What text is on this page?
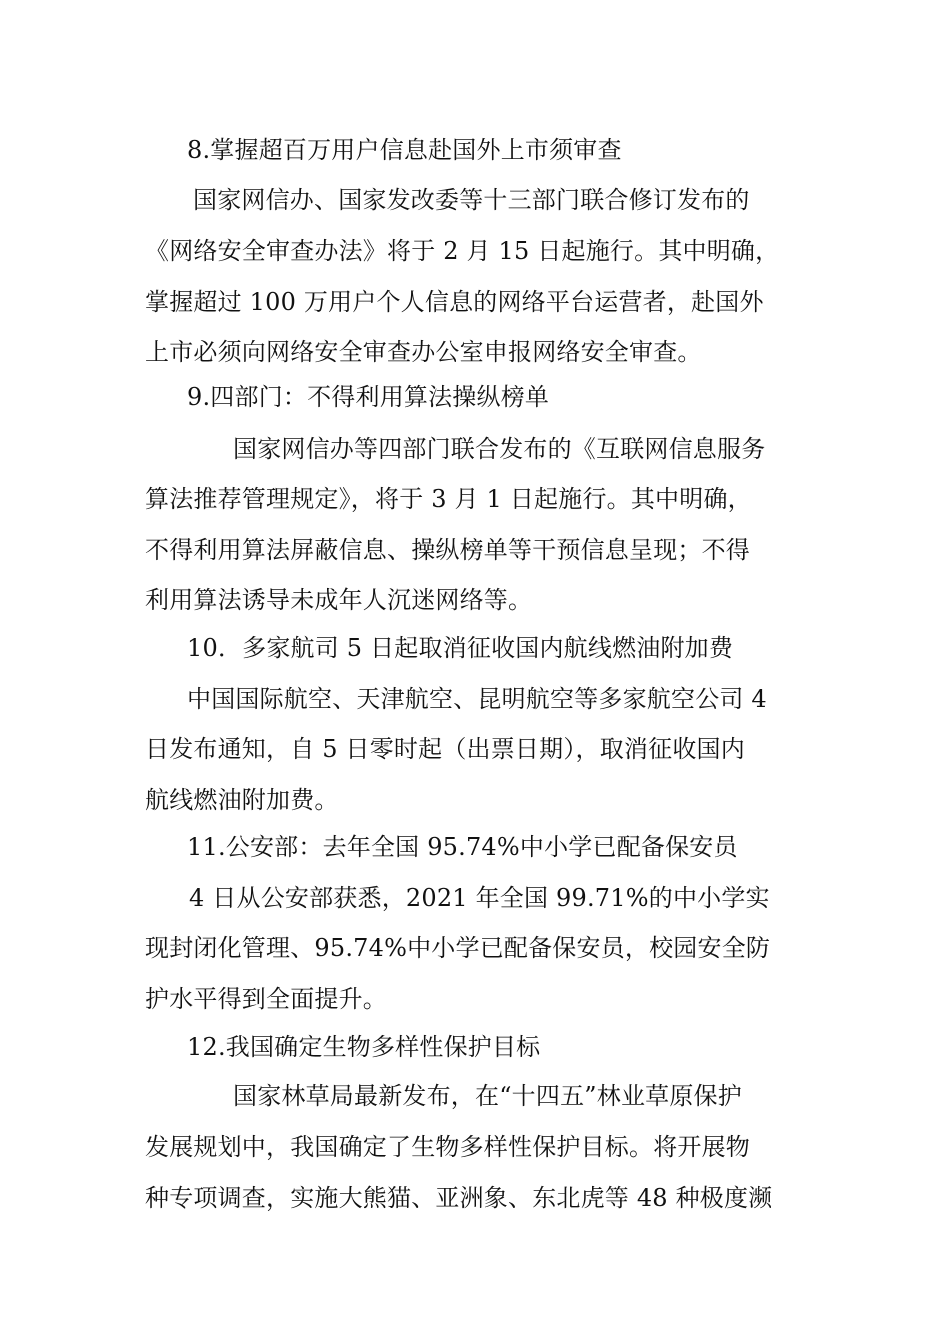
8.掌握超百万用户信息赴国外上市须审查
国家网信办、国家发改委等十三部门联合修订发布的
《网络安全审查办法》将于 2 月 15 日起施行。其中明确，
掌握超过 100 万用户个人信息的网络平台运营者，赴国外
上市必须向网络安全审查办公室申报网络安全审查。
9.四部门：不得利用算法操纵榜单
国家网信办等四部门联合发布的《互联网信息服务
算法推荐管理规定》，将于 3 月 1 日起施行。其中明确，
不得利用算法屏蔽信息、操纵榜单等干预信息呈现；不得
利用算法诱导未成年人沉迷网络等。
10．多家航司 5 日起取消征收国内航线燃油附加费
中国国际航空、天津航空、昆明航空等多家航空公司 4
日发布通知，自 5 日零时起（出票日期），取消征收国内
航线燃油附加费。
11.公安部：去年全国 95.74%中小学已配备保安员
4 日从公安部获悉，2021 年全国 99.71%的中小学实
现封闭化管理、95.74%中小学已配备保安员，校园安全防
护水平得到全面提升。
12.我国确定生物多样性保护目标
国家林草局最新发布，在“十四五”林业草原保护
发展规划中，我国确定了生物多样性保护目标。将开展物
种专项调查，实施大熊猫、亚洲象、东北虎等 48 种极度濒
